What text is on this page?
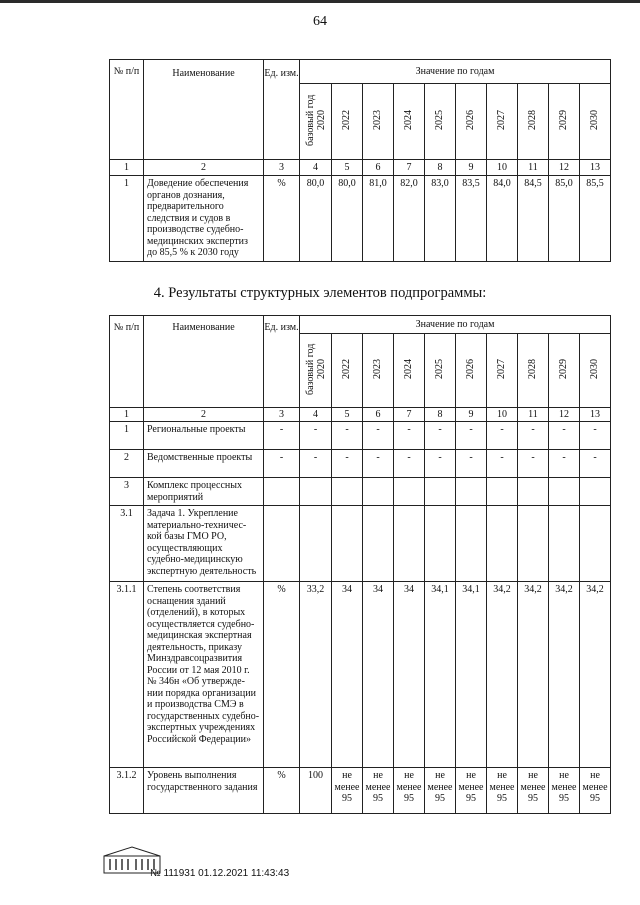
64
№ п/п	Наименование	Ед. изм.	Значение по годам									
			базовый год 2020	2022	2023	2024	2025	2026	2027	2028	2029	2030
1	2	3	4	5	6	7	8	9	10	11	12	13
1	Доведение обеспечения органов дознания, предварительного следствия и судов в производстве судебно-медицинских экспертиз до 85,5 % к 2030 году	%	80,0	80,0	81,0	82,0	83,0	83,5	84,0	84,5	85,0	85,5
4. Результаты структурных элементов подпрограммы:
№ п/п	Наименование	Ед. изм.	Значение по годам									
			базовый год 2020	2022	2023	2024	2025	2026	2027	2028	2029	2030
1	2	3	4	5	6	7	8	9	10	11	12	13
1	Региональные проекты	-	-	-	-	-	-	-	-	-	-	-
2	Ведомственные проекты	-	-	-	-	-	-	-	-	-	-	-
3	Комплекс процессных мероприятий											
3.1	Задача 1. Укрепление материально-техничес-кой базы ГМО РО, осуществляющих судебно-медицинскую экспертную деятельность											
3.1.1	Степень соответствия оснащения зданий (отделений), в которых осуществляется судебно-медицинская экспертная деятельность, приказу Минздравсоцразвития России от 12 мая 2010 г. № 346н «Об утвержде-нии порядка организации и производства СМЭ в государственных судебно-экспертных учреждениях Российской Федерации»	%	33,2	34	34	34	34,1	34,1	34,2	34,2	34,2	34,2
3.1.2	Уровень выполнения государственного задания	%	100	не менее 95	не менее 95	не менее 95	не менее 95	не менее 95	не менее 95	не менее 95	не менее 95	не менее 95
№ 111931 01.12.2021 11:43:43
